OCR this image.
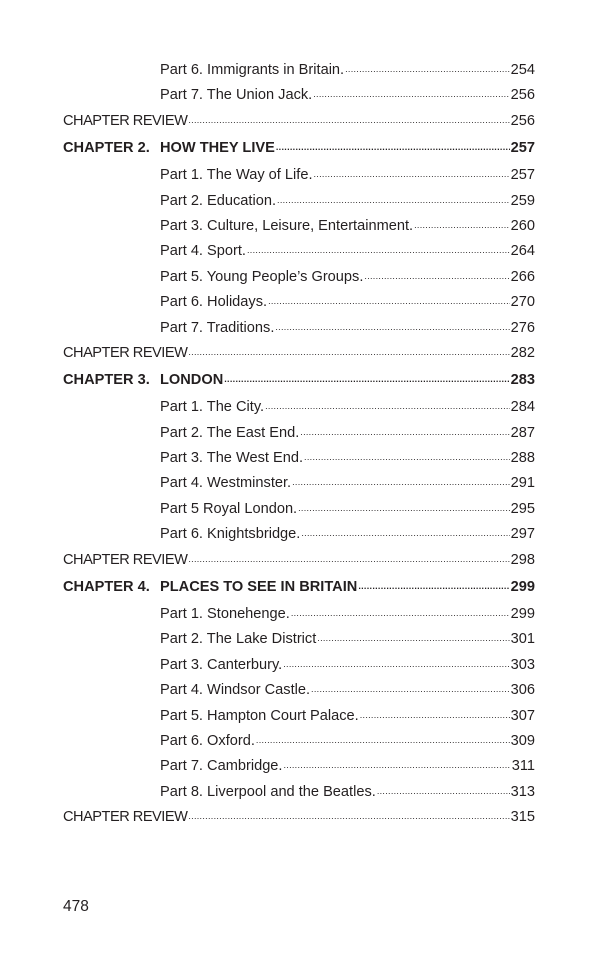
Part 6. Immigrants in Britain. .....	254
Part 7. The Union Jack. .....	256
CHAPTER REVIEW .....	256
CHAPTER 2. HOW THEY LIVE .....	257
Part 1. The Way of Life. .....	257
Part 2. Education. .....	259
Part 3. Culture, Leisure, Entertainment. .....	260
Part 4. Sport. .....	264
Part 5. Young People’s Groups. .....	266
Part 6. Holidays. .....	270
Part 7. Traditions. .....	276
CHAPTER REVIEW .....	282
CHAPTER 3. LONDON .....	283
Part 1. The City. .....	284
Part 2. The East End. .....	287
Part 3. The West End. .....	288
Part 4. Westminster. .....	291
Part 5 Royal London. .....	295
Part 6. Knightsbridge. .....	297
CHAPTER REVIEW .....	298
CHAPTER 4. PLACES TO SEE IN BRITAIN .....	299
Part 1. Stonehenge. .....	299
Part 2. The Lake District .....	301
Part 3. Canterbury. .....	303
Part 4. Windsor Castle. .....	306
Part 5. Hampton Court Palace. .....	307
Part 6. Oxford. .....	309
Part 7. Cambridge. .....	311
Part 8. Liverpool and the Beatles. .....	313
CHAPTER REVIEW .....	315
478
